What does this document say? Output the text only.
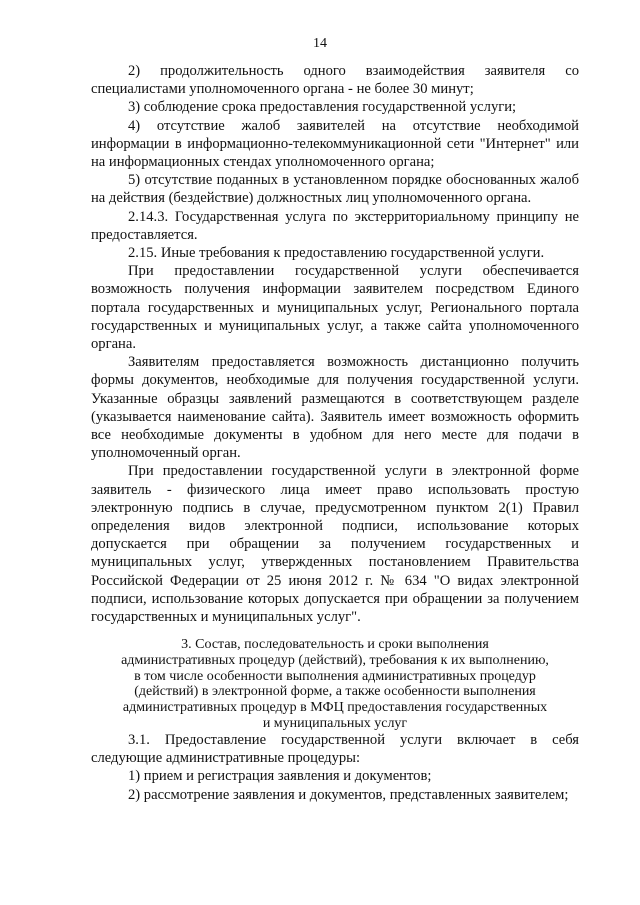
14

2) продолжительность одного взаимодействия заявителя со специалистами уполномоченного органа - не более 30 минут;

3) соблюдение срока предоставления государственной услуги;

4) отсутствие жалоб заявителей на отсутствие необходимой информации в информационно-телекоммуникационной сети "Интернет" или на информационных стендах уполномоченного органа;

5) отсутствие поданных в установленном порядке обоснованных жалоб на действия (бездействие) должностных лиц уполномоченного органа.

2.14.3. Государственная услуга по экстерриториальному принципу не предоставляется.

2.15. Иные требования к предоставлению государственной услуги.

При предоставлении государственной услуги обеспечивается возможность получения информации заявителем посредством Единого портала государственных и муниципальных услуг, Регионального портала государственных и муниципальных услуг, а также сайта уполномоченного органа.

Заявителям предоставляется возможность дистанционно получить формы документов, необходимые для получения государственной услуги. Указанные образцы заявлений размещаются в соответствующем разделе (указывается наименование сайта). Заявитель имеет возможность оформить все необходимые документы в удобном для него месте для подачи в уполномоченный орган.

При предоставлении государственной услуги в электронной форме заявитель - физического лица имеет право использовать простую электронную подпись в случае, предусмотренном пунктом 2(1) Правил определения видов электронной подписи, использование которых допускается при обращении за получением государственных и муниципальных услуг, утвержденных постановлением Правительства Российской Федерации от 25 июня 2012 г. № 634 "О видах электронной подписи, использование которых допускается при обращении за получением государственных и муниципальных услуг".

3. Состав, последовательность и сроки выполнения
административных процедур (действий), требования к их выполнению,
в том числе особенности выполнения административных процедур
(действий) в электронной форме, а также особенности выполнения
административных процедур в МФЦ предоставления государственных
и муниципальных услуг

3.1. Предоставление государственной услуги включает в себя следующие административные процедуры:

1) прием и регистрация заявления и документов;

2) рассмотрение заявления и документов, представленных заявителем;
